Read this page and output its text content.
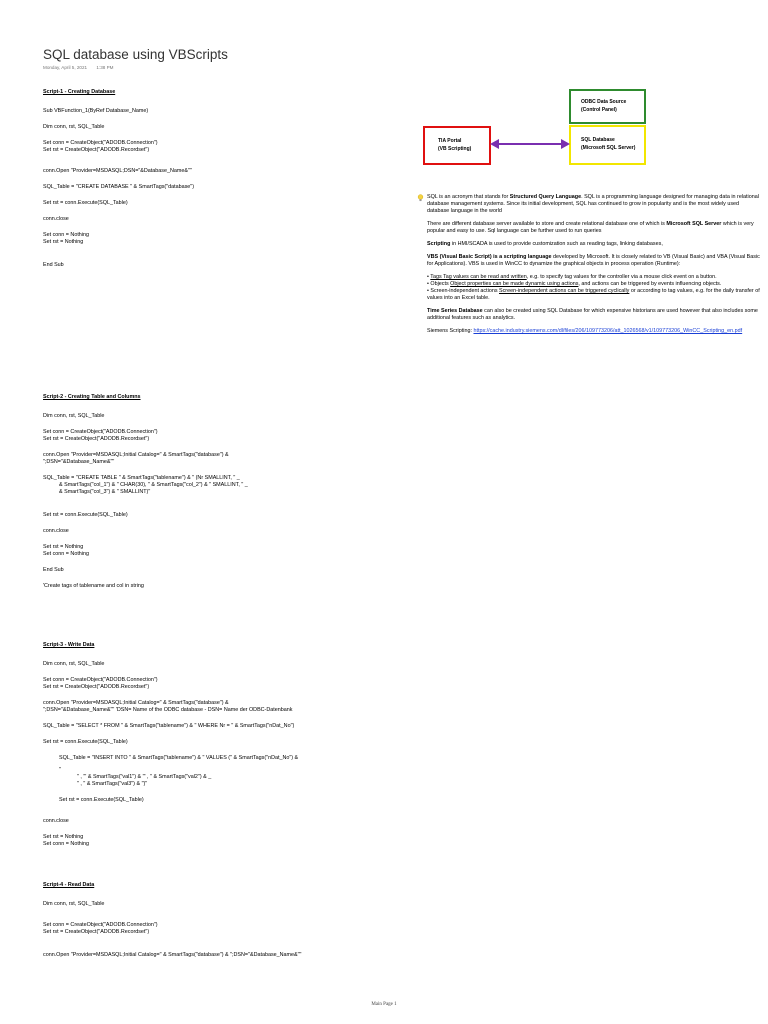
SQL database using VBScripts
Monday, April 5, 2021 1:38 PM

Script-1 - Creating Database

Sub VBFunction_1(ByRef Database_Name)

Dim conn, rst, SQL_Table

Set conn = CreateObject("ADODB.Connection")

Set rst = CreateObject("ADODB.Recordset")

conn.Open "Provider=MSDASQL;DSN="&Database_Name&""

SQL_Table = "CREATE DATABASE " & SmartTags("database")

Set rst = conn.Execute(SQL_Table)

conn.close

Set conn = Nothing

Set rst = Nothing

End Sub

Script-2 - Creating Table and Columns

Dim conn, rst, SQL_Table

Set conn = CreateObject("ADODB.Connection")

Set rst = CreateObject("ADODB.Recordset")

conn.Open "Provider=MSDASQL;Initial Catalog=" & SmartTags("database") &

";DSN="&Database_Name&""

SQL_Table = "CREATE TABLE " & SmartTags("tablename") & " (Nr SMALLINT, " _

& SmartTags("col_1") & " CHAR(30), " & SmartTags("col_2") & " SMALLINT, " _

& SmartTags("col_3") & " SMALLINT)"

Set rst = conn.Execute(SQL_Table)

conn.close

Set rst = Nothing

Set conn = Nothing

End Sub

'Create tags of tablename and col in string

Script-3 - Write Data

Dim conn, rst, SQL_Table

Set conn = CreateObject("ADODB.Connection")

Set rst = CreateObject("ADODB.Recordset")

conn.Open "Provider=MSDASQL;Initial Catalog=" & SmartTags("database") &

";DSN="&Database_Name&"" 'DSN= Name of the ODBC database - DSN= Name der ODBC-Datenbank

SQL_Table = "SELECT * FROM " & SmartTags("tablename") & " WHERE Nr = " & SmartTags("nDat_No")

Set rst = conn.Execute(SQL_Table)

SQL_Table = "INSERT INTO " & SmartTags("tablename") & " VALUES (" & SmartTags("nDat_No") &

"

" , '" & SmartTags("val1") & "' , " & SmartTags("val2") & _

" , " & SmartTags("val3") & ")"

Set rst = conn.Execute(SQL_Table)

conn.close

Set rst = Nothing

Set conn = Nothing

Script-4 - Read Data

Dim conn, rst, SQL_Table

Set conn = CreateObject("ADODB.Connection")

Set rst = CreateObject("ADODB.Recordset")

conn.Open "Provider=MSDASQL;Initial Catalog=" & SmartTags("database") & ";DSN="&Database_Name&""

ODBC Data Source
(Control Panel)
SQL Database
(Microsoft SQL Server)
TIA Portal
(VB Scripting)

SQL is an acronym that stands for Structured Query Language. SQL is a programming language designed for managing data in relational database management systems. Since its initial development, SQL has continued to grow in popularity and is the most widely used database language in the world

There are different database server available to store and create relational database one of which is Microsoft SQL Server which is very popular and easy to use. Sql language can be further used to run queries

Scripting in HMI/SCADA is used to provide customization such as reading tags, linking databases,

VBS (Visual Basic Script) is a scripting language developed by Microsoft. It is closely related to VB (Visual Basic) and VBA (Visual Basic for Applications). VBS is used in WinCC to dynamize the graphical objects in process operation (Runtime):

• Tags Tag values can be read and written, e.g. to specify tag values for the controller via a mouse click event on a button.
• Objects Object properties can be made dynamic using actions, and actions can be triggered by events influencing objects.
• Screen-independent actions Screen-independent actions can be triggered cyclically or according to tag values, e.g. for the daily transfer of values into an Excel table.

Time Series Database can also be created using SQL Database for which expensive historians are used however that also includes some additional features such as analytics.

Siemens Scripting: https://cache.industry.siemens.com/dl/files/206/109773206/att_1026568/v1/109773206_WinCC_Scripting_en.pdf

Main Page 1
